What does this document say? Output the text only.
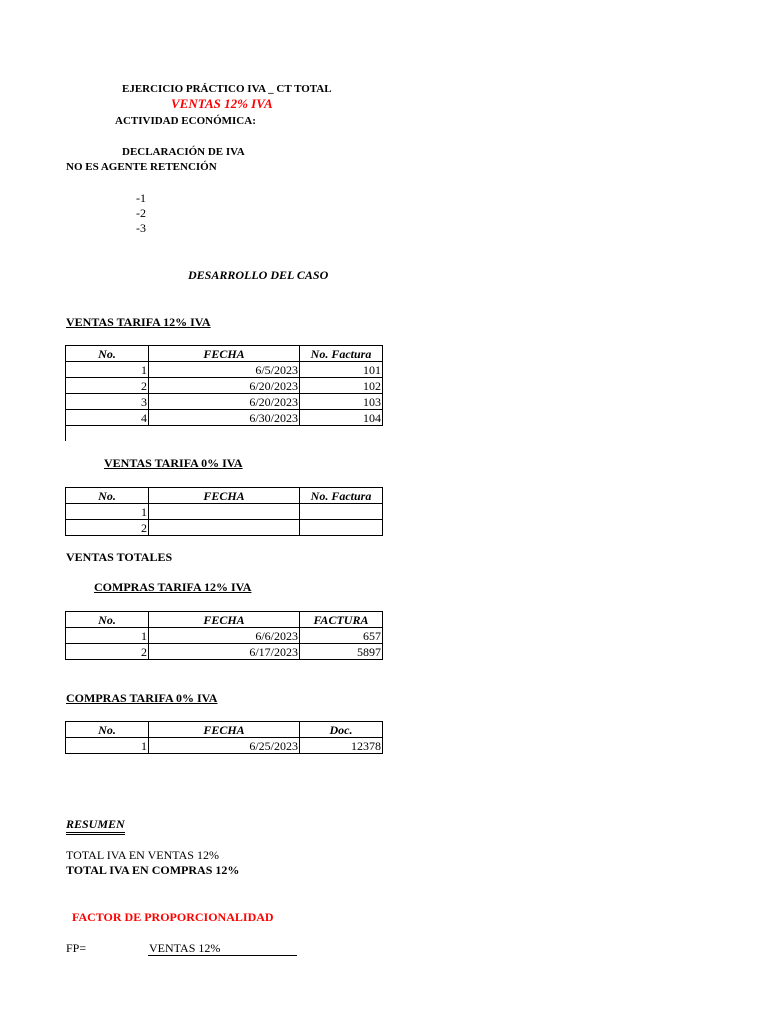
EJERCICIO PRÁCTICO IVA _ CT TOTAL
VENTAS 12% IVA
ACTIVIDAD ECONÓMICA:
DECLARACIÓN DE IVA
NO ES AGENTE RETENCIÓN
-1
-2
-3
DESARROLLO DEL CASO
VENTAS TARIFA 12% IVA
No.	FECHA	No. Factura
1	6/5/2023	101
2	6/20/2023	102
3	6/20/2023	103
4	6/30/2023	104
VENTAS TARIFA 0% IVA
No.	FECHA	No. Factura
1		
2		
VENTAS TOTALES
COMPRAS TARIFA 12% IVA
No.	FECHA	FACTURA
1	6/6/2023	657
2	6/17/2023	5897
COMPRAS TARIFA 0% IVA
No.	FECHA	Doc.
1	6/25/2023	12378
RESUMEN
TOTAL IVA EN VENTAS 12%
TOTAL IVA EN COMPRAS 12%
FACTOR DE PROPORCIONALIDAD
FP=	VENTAS 12%
